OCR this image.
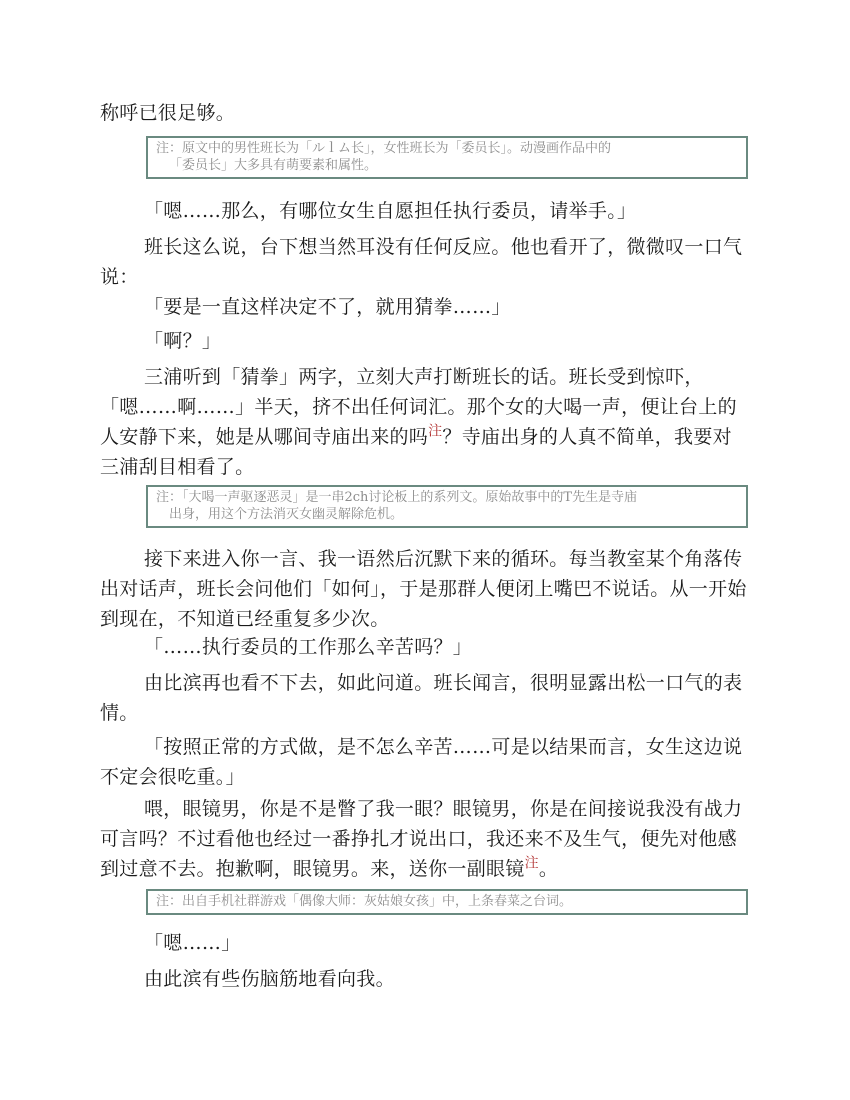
称呼已很足够。

注：原文中的男性班长为「ルｌム长」，女性班长为「委员长」。动漫画作品中的
「委员长」大多具有萌要素和属性。

「嗯……那么，有哪位女生自愿担任执行委员，请举手。」

班长这么说，台下想当然耳没有任何反应。他也看开了，微微叹一口气说：

「要是一直这样决定不了，就用猜拳……」

「啊？」

三浦听到「猜拳」两字，立刻大声打断班长的话。班长受到惊吓，「嗯……啊……」半天，挤不出任何词汇。那个女的大喝一声，便让台上的人安静下来，她是从哪间寺庙出来的吗$^注$？寺庙出身的人真不简单，我要对三浦刮目相看了。

注：「大喝一声驱逐恶灵」是一串2ch讨论板上的系列文。原始故事中的T先生是寺庙
出身，用这个方法消灭女幽灵解除危机。

接下来进入你一言、我一语然后沉默下来的循环。每当教室某个角落传出对话声，班长会问他们「如何」，于是那群人便闭上嘴巴不说话。从一开始到现在，不知道已经重复多少次。

「……执行委员的工作那么辛苦吗？」

由比滨再也看不下去，如此问道。班长闻言，很明显露出松一口气的表情。

「按照正常的方式做，是不怎么辛苦……可是以结果而言，女生这边说不定会很吃重。」

喂，眼镜男，你是不是瞥了我一眼？眼镜男，你是在间接说我没有战力可言吗？不过看他也经过一番挣扎才说出口，我还来不及生气，便先对他感到过意不去。抱歉啊，眼镜男。来，送你一副眼镜$^注$。

注：出自手机社群游戏「偶像大师：灰姑娘女孩」中，上条春菜之台词。

「嗯……」

由此滨有些伤脑筋地看向我。
